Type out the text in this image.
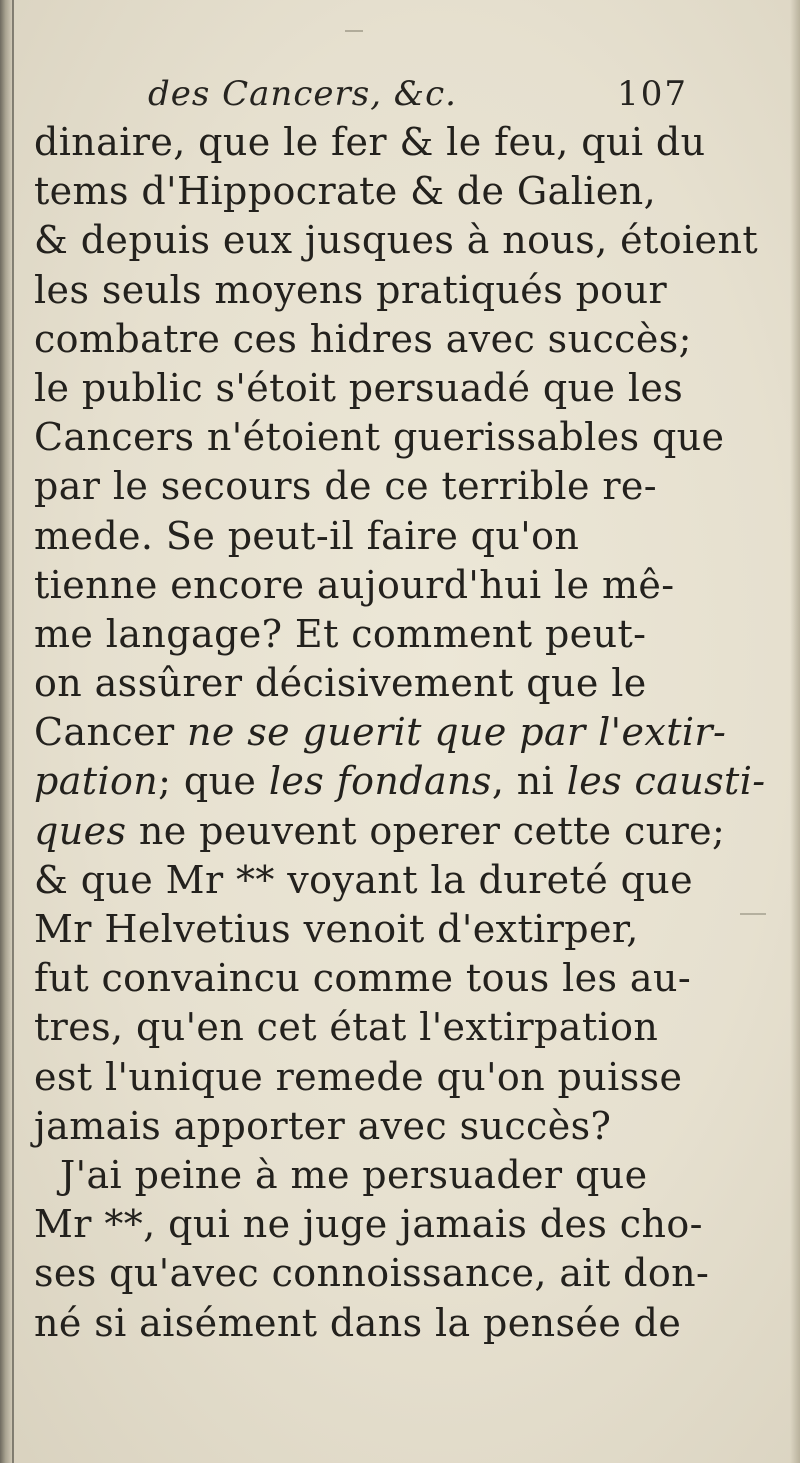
des Cancers, &c.	107
dinaire, que le fer & le feu, qui du
tems d'Hippocrate & de Galien,
& depuis eux jusques à nous, étoient
les seuls moyens pratiqués pour
combatre ces hidres avec succès;
le public s'étoit persuadé que les
Cancers n'étoient guerissables que
par le secours de ce terrible re-
mede. Se peut-il faire qu'on
tienne encore aujourd'hui le mê-
me langage? Et comment peut-
on assûrer décisivement que le
Cancer ne se guerit que par l'extir-
pation; que les fondans, ni les causti-
ques ne peuvent operer cette cure;
& que Mr ** voyant la dureté que
Mr Helvetius venoit d'extirper,
fut convaincu comme tous les au-
tres, qu'en cet état l'extirpation
est l'unique remede qu'on puisse
jamais apporter avec succès?
J'ai peine à me persuader que
Mr **, qui ne juge jamais des cho-
ses qu'avec connoissance, ait don-
né si aisément dans la pensée de
